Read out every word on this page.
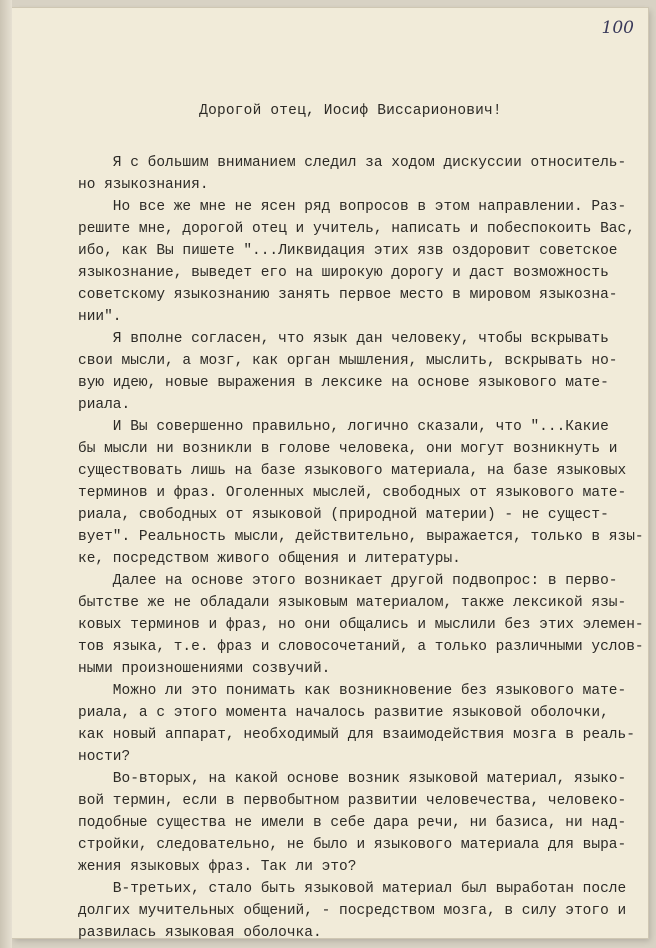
100
Дорогой отец, Иосиф Виссарионович!
Я с большим вниманием следил за ходом дискуссии относитель-
но языкознания.
Но все же мне не ясен ряд вопросов в этом направлении. Раз-
решите мне, дорогой отец и учитель, написать и побеспокоить Вас,
ибо, как Вы пишете "...Ликвидация этих язв оздоровит советское
языкознание, выведет его на широкую дорогу и даст возможность
советскому языкознанию занять первое место в мировом языкозна-
нии".
Я вполне согласен, что язык дан человеку, чтобы вскрывать
свои мысли, а мозг, как орган мышления, мыслить, вскрывать но-
вую идею, новые выражения в лексике на основе языкового мате-
риала.
И Вы совершенно правильно, логично сказали, что "...Какие
бы мысли ни возникли в голове человека, они могут возникнуть и
существовать лишь на базе языкового материала, на базе языковых
терминов и фраз. Оголенных мыслей, свободных от языкового мате-
риала, свободных от языковой (природной материи) - не сущест-
вует". Реальность мысли, действительно, выражается, только в язы-
ке, посредством живого общения и литературы.
Далее на основе этого возникает другой подвопрос: в перво-
бытстве же не обладали языковым материалом, также лексикой язы-
ковых терминов и фраз, но они общались и мыслили без этих элемен-
тов языка, т.е. фраз и словосочетаний, а только различными услов-
ными произношениями созвучий.
Можно ли это понимать как возникновение без языкового мате-
риала, а с этого момента началось развитие языковой оболочки,
как новый аппарат, необходимый для взаимодействия мозга в реаль-
ности?
Во-вторых, на какой основе возник языковой материал, языко-
вой термин, если в первобытном развитии человечества, человеко-
подобные существа не имели в себе дара речи, ни базиса, ни над-
стройки, следовательно, не было и языкового материала для выра-
жения языковых фраз. Так ли это?
В-третьих, стало быть языковой материал был выработан после
долгих мучительных общений, - посредством мозга, в силу этого и
развилась языковая оболочка.
